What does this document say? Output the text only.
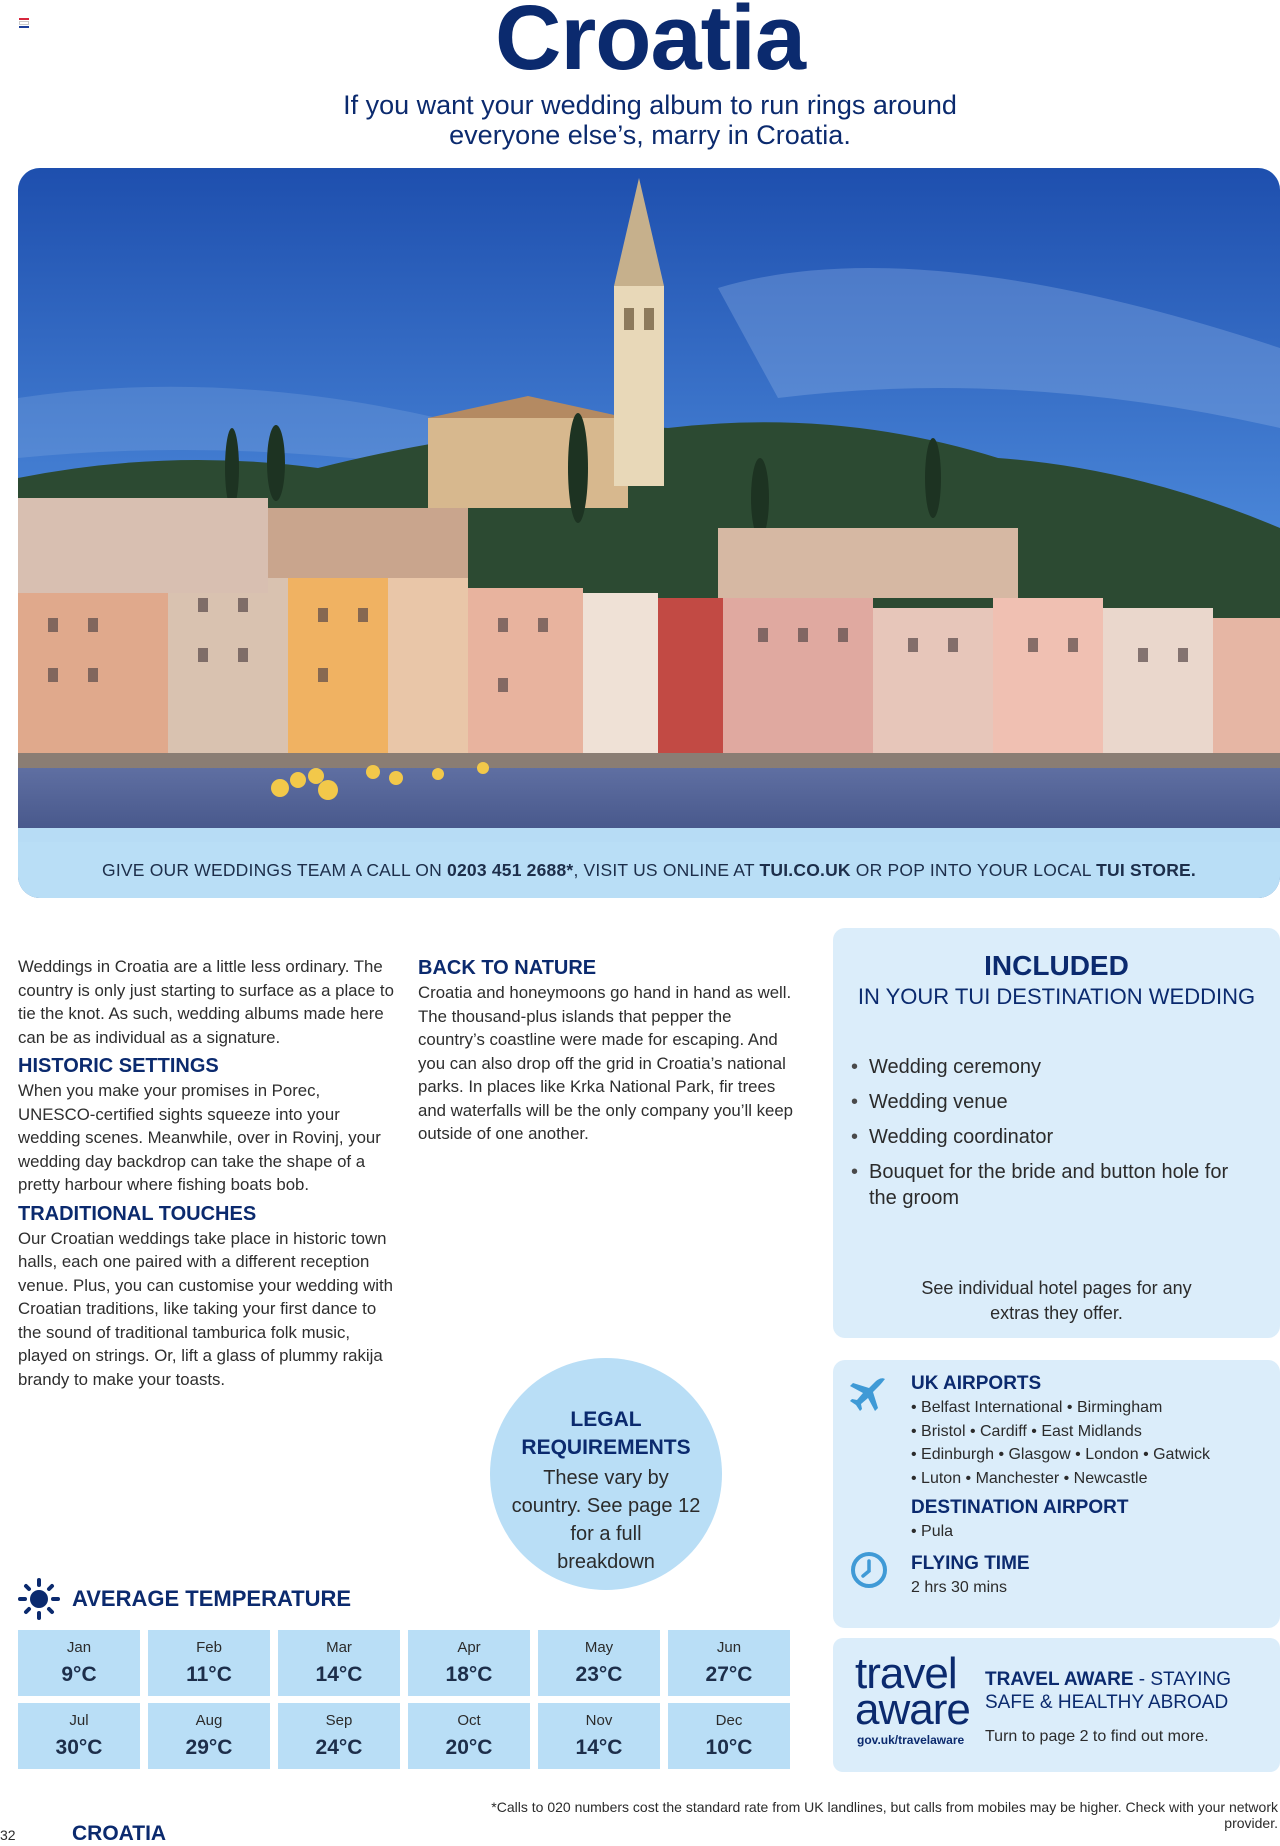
Croatia
If you want your wedding album to run rings around
everyone else’s, marry in Croatia.
GIVE OUR WEDDINGS TEAM A CALL ON 0203 451 2688*, VISIT US ONLINE AT TUI.CO.UK OR POP INTO YOUR LOCAL TUI STORE.

Weddings in Croatia are a little less ordinary. The country is only just starting to surface as a place to tie the knot. As such, wedding albums made here can be as individual as a signature.

HISTORIC SETTINGS

When you make your promises in Porec, UNESCO-certified sights squeeze into your wedding scenes. Meanwhile, over in Rovinj, your wedding day backdrop can take the shape of a pretty harbour where fishing boats bob.

TRADITIONAL TOUCHES

Our Croatian weddings take place in historic town halls, each one paired with a different reception venue. Plus, you can customise your wedding with Croatian traditions, like taking your first dance to the sound of traditional tamburica folk music, played on strings. Or, lift a glass of plummy rakija brandy to make your toasts.

BACK TO NATURE

Croatia and honeymoons go hand in hand as well. The thousand-plus islands that pepper the country’s coastline were made for escaping. And you can also drop off the grid in Croatia’s national parks. In places like Krka National Park, fir trees and waterfalls will be the only company you’ll keep outside of one another.

INCLUDED
IN YOUR TUI DESTINATION WEDDING
• Wedding ceremony
• Wedding venue
• Wedding coordinator
• Bouquet for the bride and button hole for the groom
See individual hotel pages for any
extras they offer.
LEGAL
REQUIREMENTS
These vary by
country. See page 12
for a full
breakdown
UK AIRPORTS
• Belfast International • Birmingham
• Bristol • Cardiff • East Midlands
• Edinburgh • Glasgow • London • Gatwick
• Luton • Manchester • Newcastle
DESTINATION AIRPORT
• Pula
FLYING TIME
2 hrs 30 mins
AVERAGE TEMPERATURE
Jan
9°C
Feb
11°C
Mar
14°C
Apr
18°C
May
23°C
Jun
27°C
Jul
30°C
Aug
29°C
Sep
24°C
Oct
20°C
Nov
14°C
Dec
10°C
travel
aware
gov.uk/travelaware
TRAVEL AWARE - STAYING SAFE & HEALTHY ABROAD
Turn to page 2 to find out more.
*Calls to 020 numbers cost the standard rate from UK landlines, but calls from mobiles may be higher. Check with your network provider.
32	CROATIA
